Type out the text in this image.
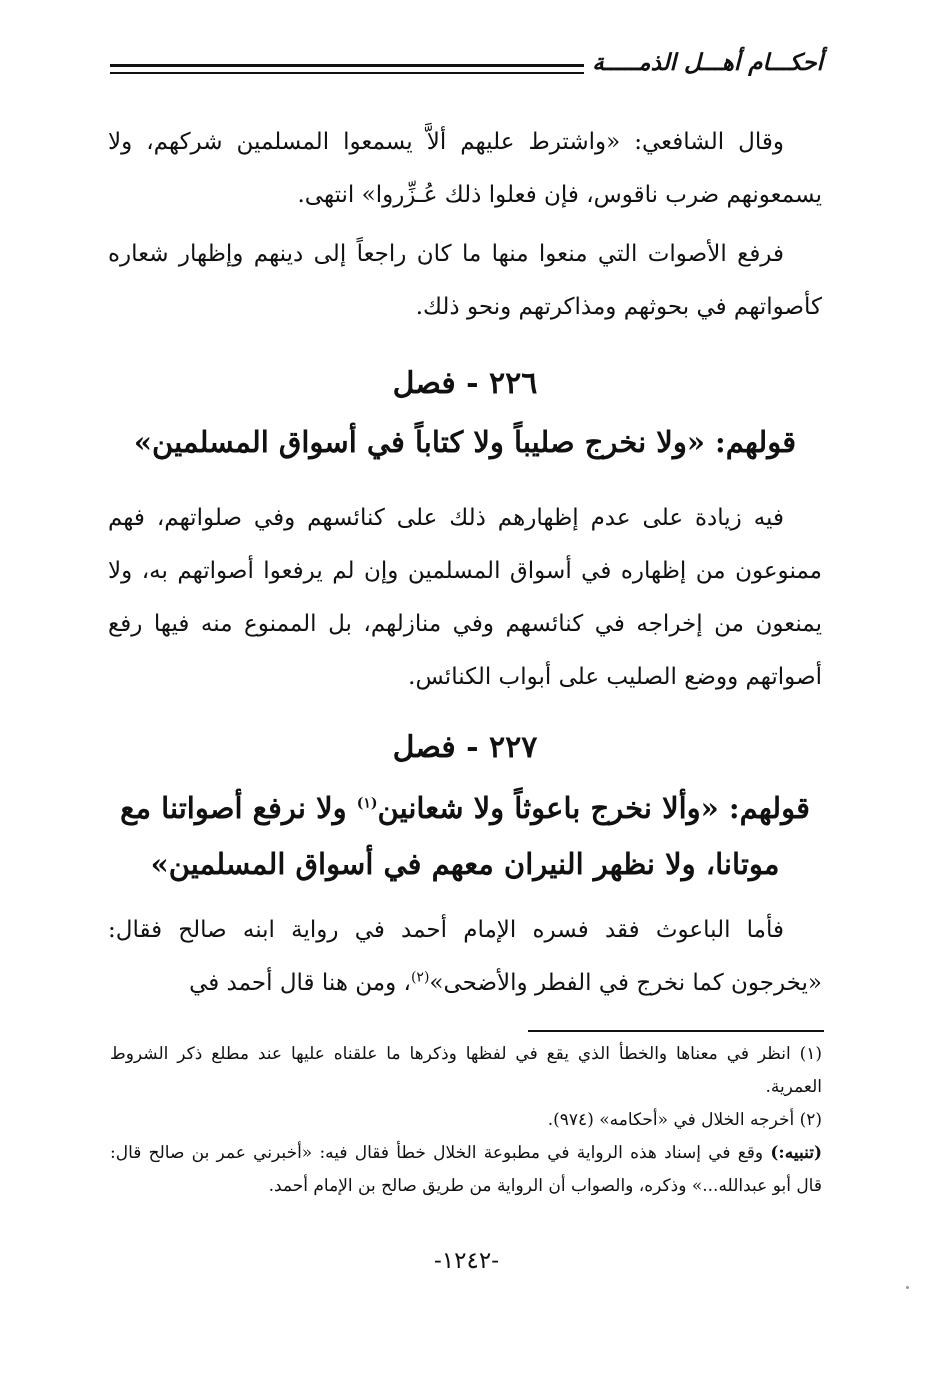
أحكـــام أهـــل الذمـــــة

وقال الشافعي: «واشترط عليهم ألاَّ يسمعوا المسلمين شركهم، ولا يسمعونهم ضرب ناقوس، فإن فعلوا ذلك عُـزِّروا» انتهى.

فرفع الأصوات التي منعوا منها ما كان راجعاً إلى دينهم وإظهار شعاره كأصواتهم في بحوثهم ومذاكرتهم ونحو ذلك.

٢٢٦ - فصل
قولهم: «ولا نخرج صليباً ولا كتاباً في أسواق المسلمين»

فيه زيادة على عدم إظهارهم ذلك على كنائسهم وفي صلواتهم، فهم ممنوعون من إظهاره في أسواق المسلمين وإن لم يرفعوا أصواتهم به، ولا يمنعون من إخراجه في كنائسهم وفي منازلهم، بل الممنوع منه فيها رفع أصواتهم ووضع الصليب على أبواب الكنائس.

٢٢٧ - فصل
قولهم: «وألا نخرج باعوثاً ولا شعانين$^{(١)}$ ولا نرفع أصواتنا مع موتانا، ولا نظهر النيران معهم في أسواق المسلمين»

فأما الباعوث فقد فسره الإمام أحمد في رواية ابنه صالح فقال: «يخرجون كما نخرج في الفطر والأضحى»$^{(٢)}$، ومن هنا قال أحمد في

(١) انظر في معناها والخطأ الذي يقع في لفظها وذكرها ما علقناه عليها عند مطلع ذكر الشروط العمرية.

(٢) أخرجه الخلال في «أحكامه» (٩٧٤).

(تنبيه:) وقع في إسناد هذه الرواية في مطبوعة الخلال خطأ فقال فيه: «أخبرني عمر بن صالح قال: قال أبو عبدالله...» وذكره، والصواب أن الرواية من طريق صالح بن الإمام أحمد.

-١٢٤٢-
